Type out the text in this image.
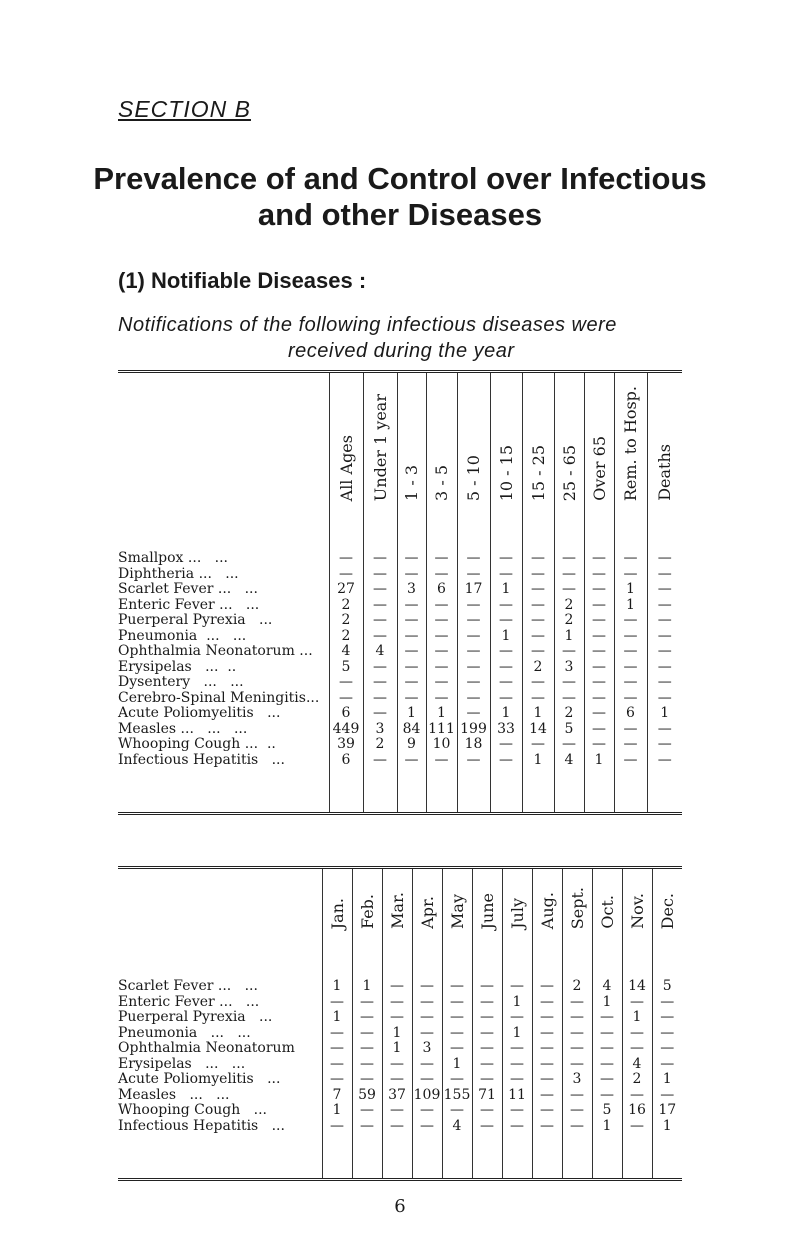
SECTION B
Prevalence of and Control over Infectious
and other Diseases
(1) Notifiable Diseases :
Notifications of the following infectious diseases were
received during the year
	All Ages	Under 1 year	1 - 3	3 - 5	5 - 10	10 - 15	15 - 25	25 - 65	Over 65	Rem. to Hosp.	Deaths

Smallpox ...   ...	—	—	—	—	—	—	—	—	—	—	—
Diphtheria ...   ...	—	—	—	—	—	—	—	—	—	—	—
Scarlet Fever ...   ...	27	—	3	6	17	1	—	—	—	1	—
Enteric Fever ...   ...	2	—	—	—	—	—	—	2	—	1	—
Puerperal Pyrexia   ...	2	—	—	—	—	—	—	2	—	—	—
Pneumonia  ...   ...	2	—	—	—	—	1	—	1	—	—	—
Ophthalmia Neonatorum ...	4	4	—	—	—	—	—	—	—	—	—
Erysipelas   ...  ..	5	—	—	—	—	—	2	3	—	—	—
Dysentery   ...   ...	—	—	—	—	—	—	—	—	—	—	—
Cerebro-Spinal Meningitis...	—	—	—	—	—	—	—	—	—	—	—
Acute Poliomyelitis   ...	6	—	1	1	—	1	1	2	—	6	1
Measles ...   ...   ...	449	3	84	111	199	33	14	5	—	—	—
Whooping Cough ...  ..	39	2	9	10	18	—	—	—	—	—	—
Infectious Hepatitis   ...	6	—	—	—	—	—	1	4	1	—	—

	Jan.	Feb.	Mar.	Apr.	May	June	July	Aug.	Sept.	Oct.	Nov.	Dec.

Scarlet Fever ...   ...	1	1	—	—	—	—	—	—	2	4	14	5
Enteric Fever ...   ...	—	—	—	—	—	—	1	—	—	1	—	—
Puerperal Pyrexia   ...	1	—	—	—	—	—	—	—	—	—	1	—
Pneumonia   ...   ...	—	—	1	—	—	—	1	—	—	—	—	—
Ophthalmia Neonatorum	—	—	1	3	—	—	—	—	—	—	—	—
Erysipelas   ...   ...	—	—	—	—	1	—	—	—	—	—	4	—
Acute Poliomyelitis   ...	—	—	—	—	—	—	—	—	3	—	2	1
Measles   ...   ...	7	59	37	109	155	71	11	—	—	—	—	—
Whooping Cough   ...	1	—	—	—	—	—	—	—	—	5	16	17
Infectious Hepatitis   ...	—	—	—	—	4	—	—	—	—	1	—	1

6
